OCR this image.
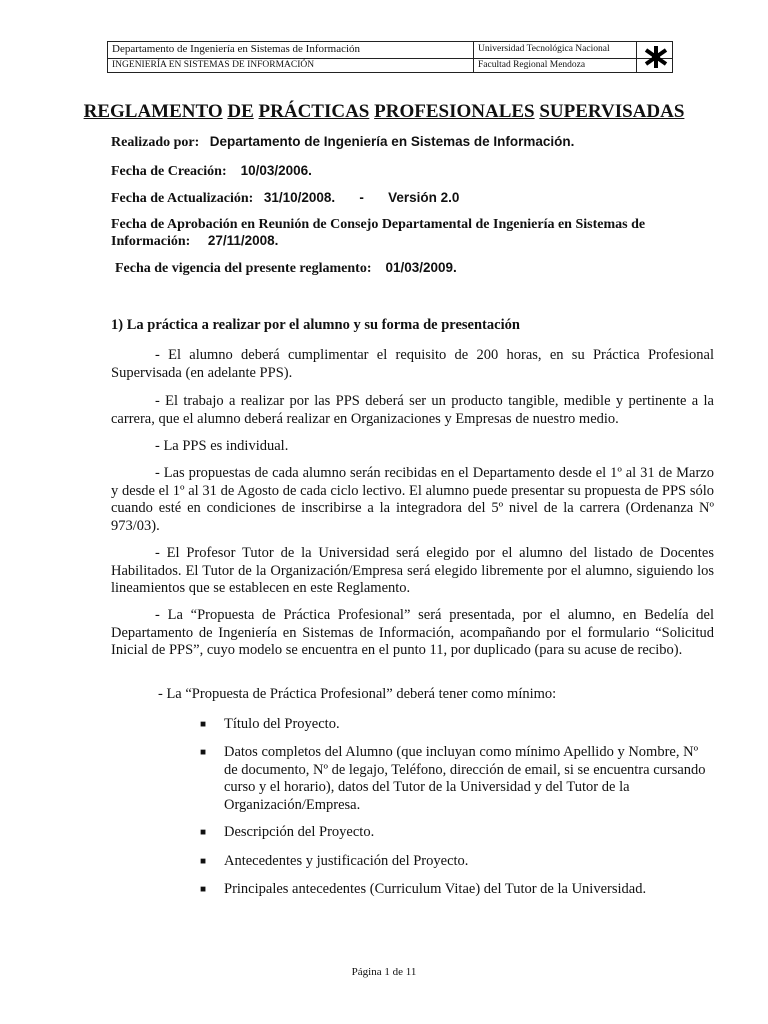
Departamento de Ingeniería en Sistemas de Información	Universidad Tecnológica Nacional
INGENIERÍA EN SISTEMAS DE INFORMACIÓN	Facultad Regional Mendoza
REGLAMENTO DE PRÁCTICAS PROFESIONALES SUPERVISADAS
Realizado por: Departamento de Ingeniería en Sistemas de Información.
Fecha de Creación: 10/03/2006.
Fecha de Actualización: 31/10/2008. - Versión 2.0
Fecha de Aprobación en Reunión de Consejo Departamental de Ingeniería en Sistemas de
Información: 27/11/2008.
Fecha de vigencia del presente reglamento: 01/03/2009.
1) La práctica a realizar por el alumno y su forma de presentación
- El alumno deberá cumplimentar el requisito de 200 horas, en su Práctica Profesional Supervisada (en adelante PPS).
- El trabajo a realizar por las PPS deberá ser un producto tangible, medible y pertinente a la carrera, que el alumno deberá realizar en Organizaciones y Empresas de nuestro medio.
- La PPS es individual.
- Las propuestas de cada alumno serán recibidas en el Departamento desde el 1º al 31 de Marzo y desde el 1º al 31 de Agosto de cada ciclo lectivo. El alumno puede presentar su propuesta de PPS sólo cuando esté en condiciones de inscribirse a la integradora del 5º nivel de la carrera (Ordenanza Nº 973/03).
- El Profesor Tutor de la Universidad será elegido por el alumno del listado de Docentes Habilitados. El Tutor de la Organización/Empresa será elegido libremente por el alumno, siguiendo los lineamientos que se establecen en este Reglamento.
- La “Propuesta de Práctica Profesional” será presentada, por el alumno, en Bedelía del Departamento de Ingeniería en Sistemas de Información, acompañando por el formulario “Solicitud Inicial de PPS”, cuyo modelo se encuentra en el punto 11, por duplicado (para su acuse de recibo).
- La “Propuesta de Práctica Profesional” deberá tener como mínimo:
■ Título del Proyecto.
■ Datos completos del Alumno (que incluyan como mínimo Apellido y Nombre, Nº de documento, Nº de legajo, Teléfono, dirección de email, si se encuentra cursando curso y el horario), datos del Tutor de la Universidad y del Tutor de la Organización/Empresa.
■ Descripción del Proyecto.
■ Antecedentes y justificación del Proyecto.
■ Principales antecedentes (Curriculum Vitae) del Tutor de la Universidad.
Página 1 de 11
